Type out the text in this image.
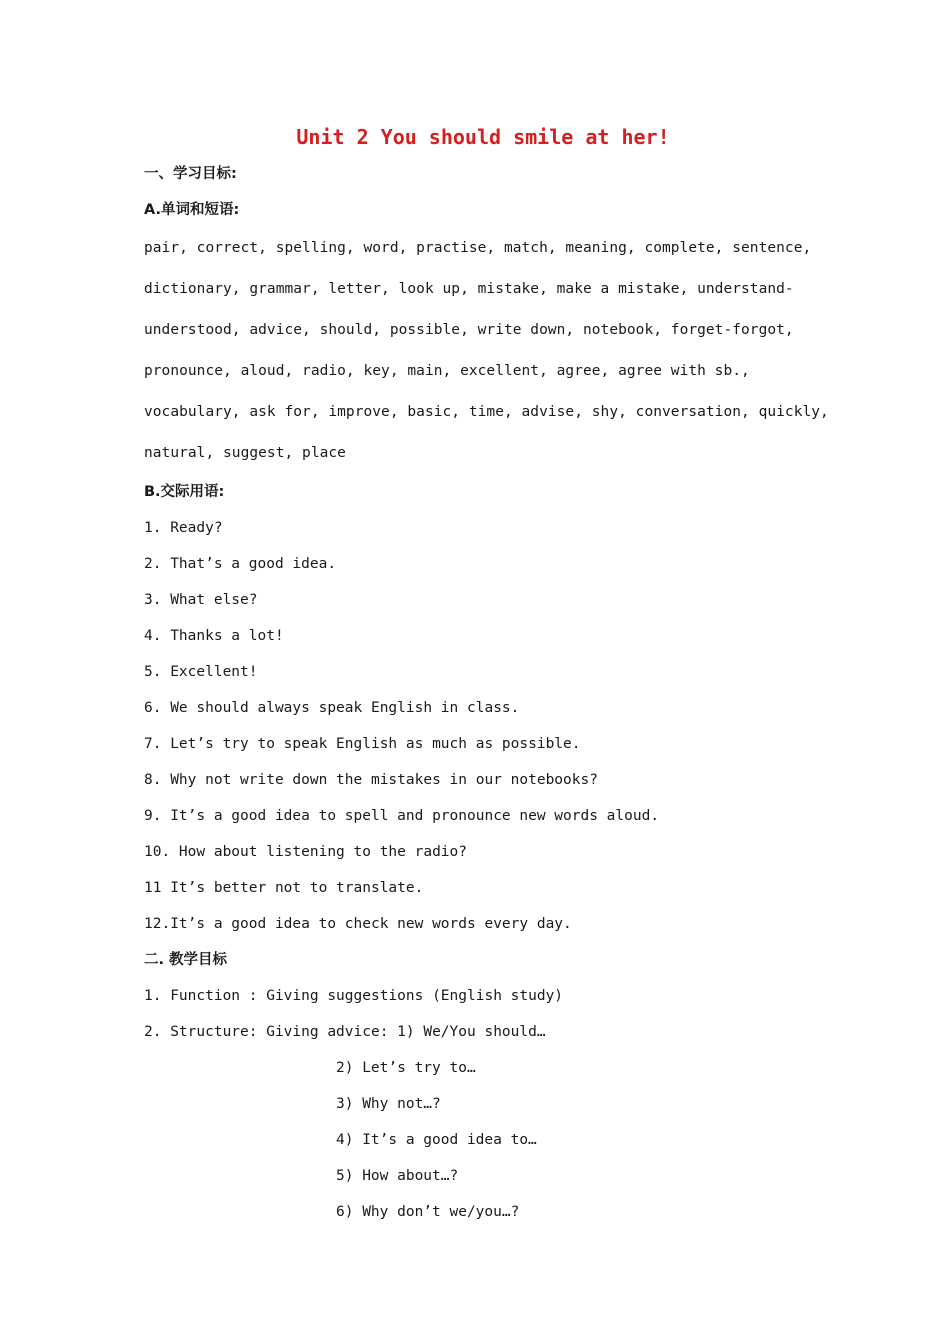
Unit 2 You should smile at her!
一、学习目标:
A.单词和短语:
pair, correct, spelling, word, practise, match, meaning, complete, sentence,
dictionary, grammar, letter, look up, mistake, make a mistake, understand-
understood, advice, should, possible, write down, notebook, forget-forgot,
pronounce, aloud, radio, key, main, excellent, agree, agree with sb.,
vocabulary, ask for, improve, basic, time, advise, shy, conversation, quickly,
natural, suggest, place
B.交际用语:
1. Ready?
2. That’s a good idea.
3. What else?
4. Thanks a lot!
5. Excellent!
6. We should always speak English in class.
7. Let’s try to speak English as much as possible.
8. Why not write down the mistakes in our notebooks?
9. It’s a good idea to spell and pronounce new words aloud.
10. How about listening to the radio?
11 It’s better not to translate.
12.It’s a good idea to check new words every day.
二. 教学目标
1. Function : Giving suggestions (English study)
2. Structure: Giving advice: 1) We/You should…
2) Let’s try to…
3) Why not…?
4) It’s a good idea to…
5) How about…?
6) Why don’t we/you…?
